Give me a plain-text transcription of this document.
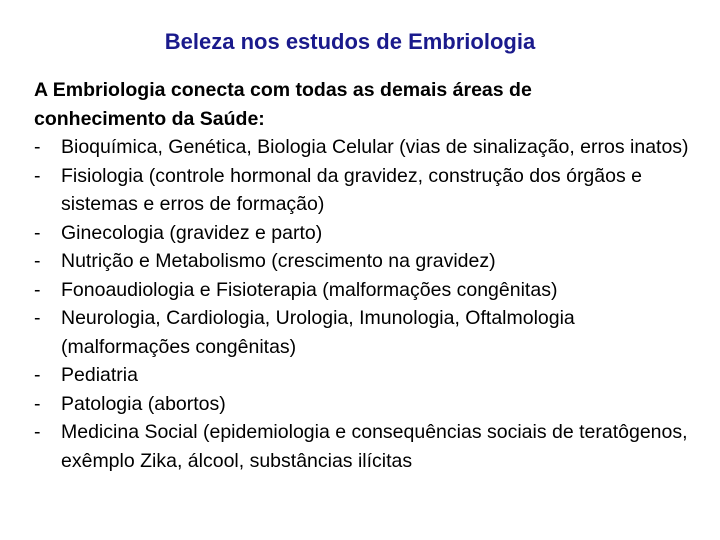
Beleza nos estudos de Embriologia
A Embriologia conecta com todas as demais áreas de
conhecimento da Saúde:
- Bioquímica, Genética, Biologia Celular (vias de sinalização, erros inatos)
- Fisiologia (controle hormonal da gravidez, construção dos órgãos e sistemas e erros de formação)
- Ginecologia (gravidez e parto)
- Nutrição e Metabolismo (crescimento na gravidez)
- Fonoaudiologia e Fisioterapia (malformações congênitas)
- Neurologia, Cardiologia, Urologia, Imunologia, Oftalmologia (malformações congênitas)
- Pediatria
- Patologia (abortos)
- Medicina Social (epidemiologia e consequências sociais de teratôgenos, exêmplo Zika, álcool, substâncias ilícitas
